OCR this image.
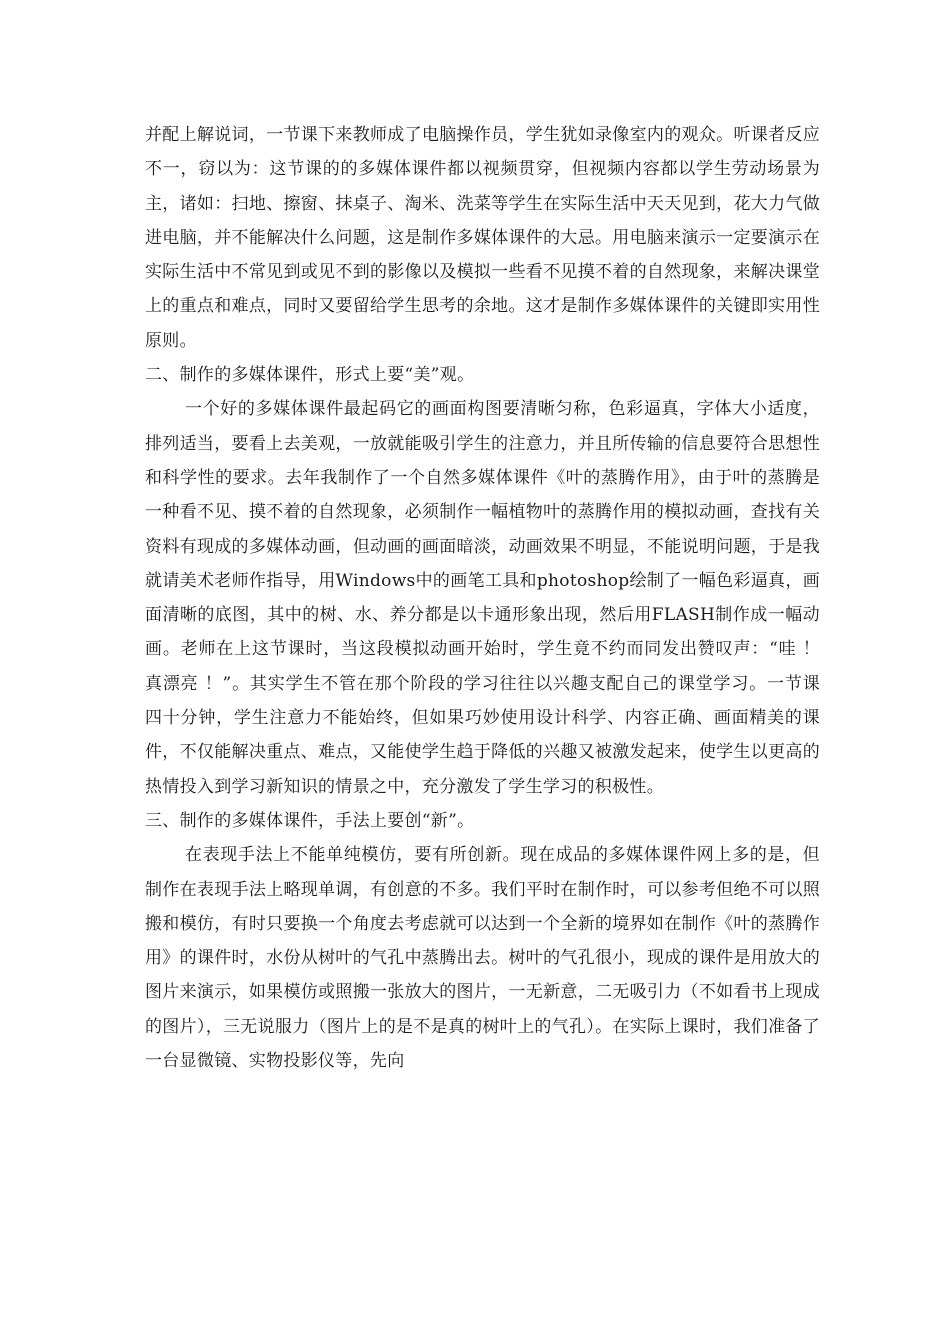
并配上解说词，一节课下来教师成了电脑操作员，学生犹如录像室内的观众。听课者反应不一，窃以为：这节课的的多媒体课件都以视频贯穿，但视频内容都以学生劳动场景为主，诸如：扫地、擦窗、抹桌子、淘米、洗菜等学生在实际生活中天天见到，花大力气做进电脑，并不能解决什么问题，这是制作多媒体课件的大忌。用电脑来演示一定要演示在实际生活中不常见到或见不到的影像以及模拟一些看不见摸不着的自然现象，来解决课堂上的重点和难点，同时又要留给学生思考的余地。这才是制作多媒体课件的关键即实用性原则。

二、制作的多媒体课件，形式上要“美”观。

一个好的多媒体课件最起码它的画面构图要清晰匀称，色彩逼真，字体大小适度，排列适当，要看上去美观，一放就能吸引学生的注意力，并且所传输的信息要符合思想性和科学性的要求。去年我制作了一个自然多媒体课件《叶的蒸腾作用》，由于叶的蒸腾是一种看不见、摸不着的自然现象，必须制作一幅植物叶的蒸腾作用的模拟动画，查找有关资料有现成的多媒体动画，但动画的画面暗淡，动画效果不明显，不能说明问题，于是我就请美术老师作指导，用Windows中的画笔工具和photoshop绘制了一幅色彩逼真，画面清晰的底图，其中的树、水、养分都是以卡通形象出现，然后用FLASH制作成一幅动画。老师在上这节课时，当这段模拟动画开始时，学生竟不约而同发出赞叹声：“哇 ！ 真漂亮 ！”。其实学生不管在那个阶段的学习往往以兴趣支配自己的课堂学习。一节课 四十分钟，学生注意力不能始终，但如果巧妙使用设计科学、内容正确、画面精美的课件，不仅能解决重点、难点，又能使学生趋于降低的兴趣又被激发起来，使学生以更高的热情投入到学习新知识的情景之中，充分激发了学生学习的积极性。

三、制作的多媒体课件，手法上要创“新”。

在表现手法上不能单纯模仿，要有所创新。现在成品的多媒体课件网上多的是，但制作在表现手法上略现单调，有创意的不多。我们平时在制作时，可以参考但绝不可以照搬和模仿，有时只要换一个角度去考虑就可以达到一个全新的境界如在制作《叶的蒸腾作用》的课件时，水份从树叶的气孔中蒸腾出去。树叶的气孔很小，现成的课件是用放大的图片来演示，如果模仿或照搬一张放大的图片，一无新意，二无吸引力（不如看书上现成的图片），三无说服力（图片上的是不是真的树叶上的气孔）。在实际上课时，我们准备了一台显微镜、实物投影仪等，先向
